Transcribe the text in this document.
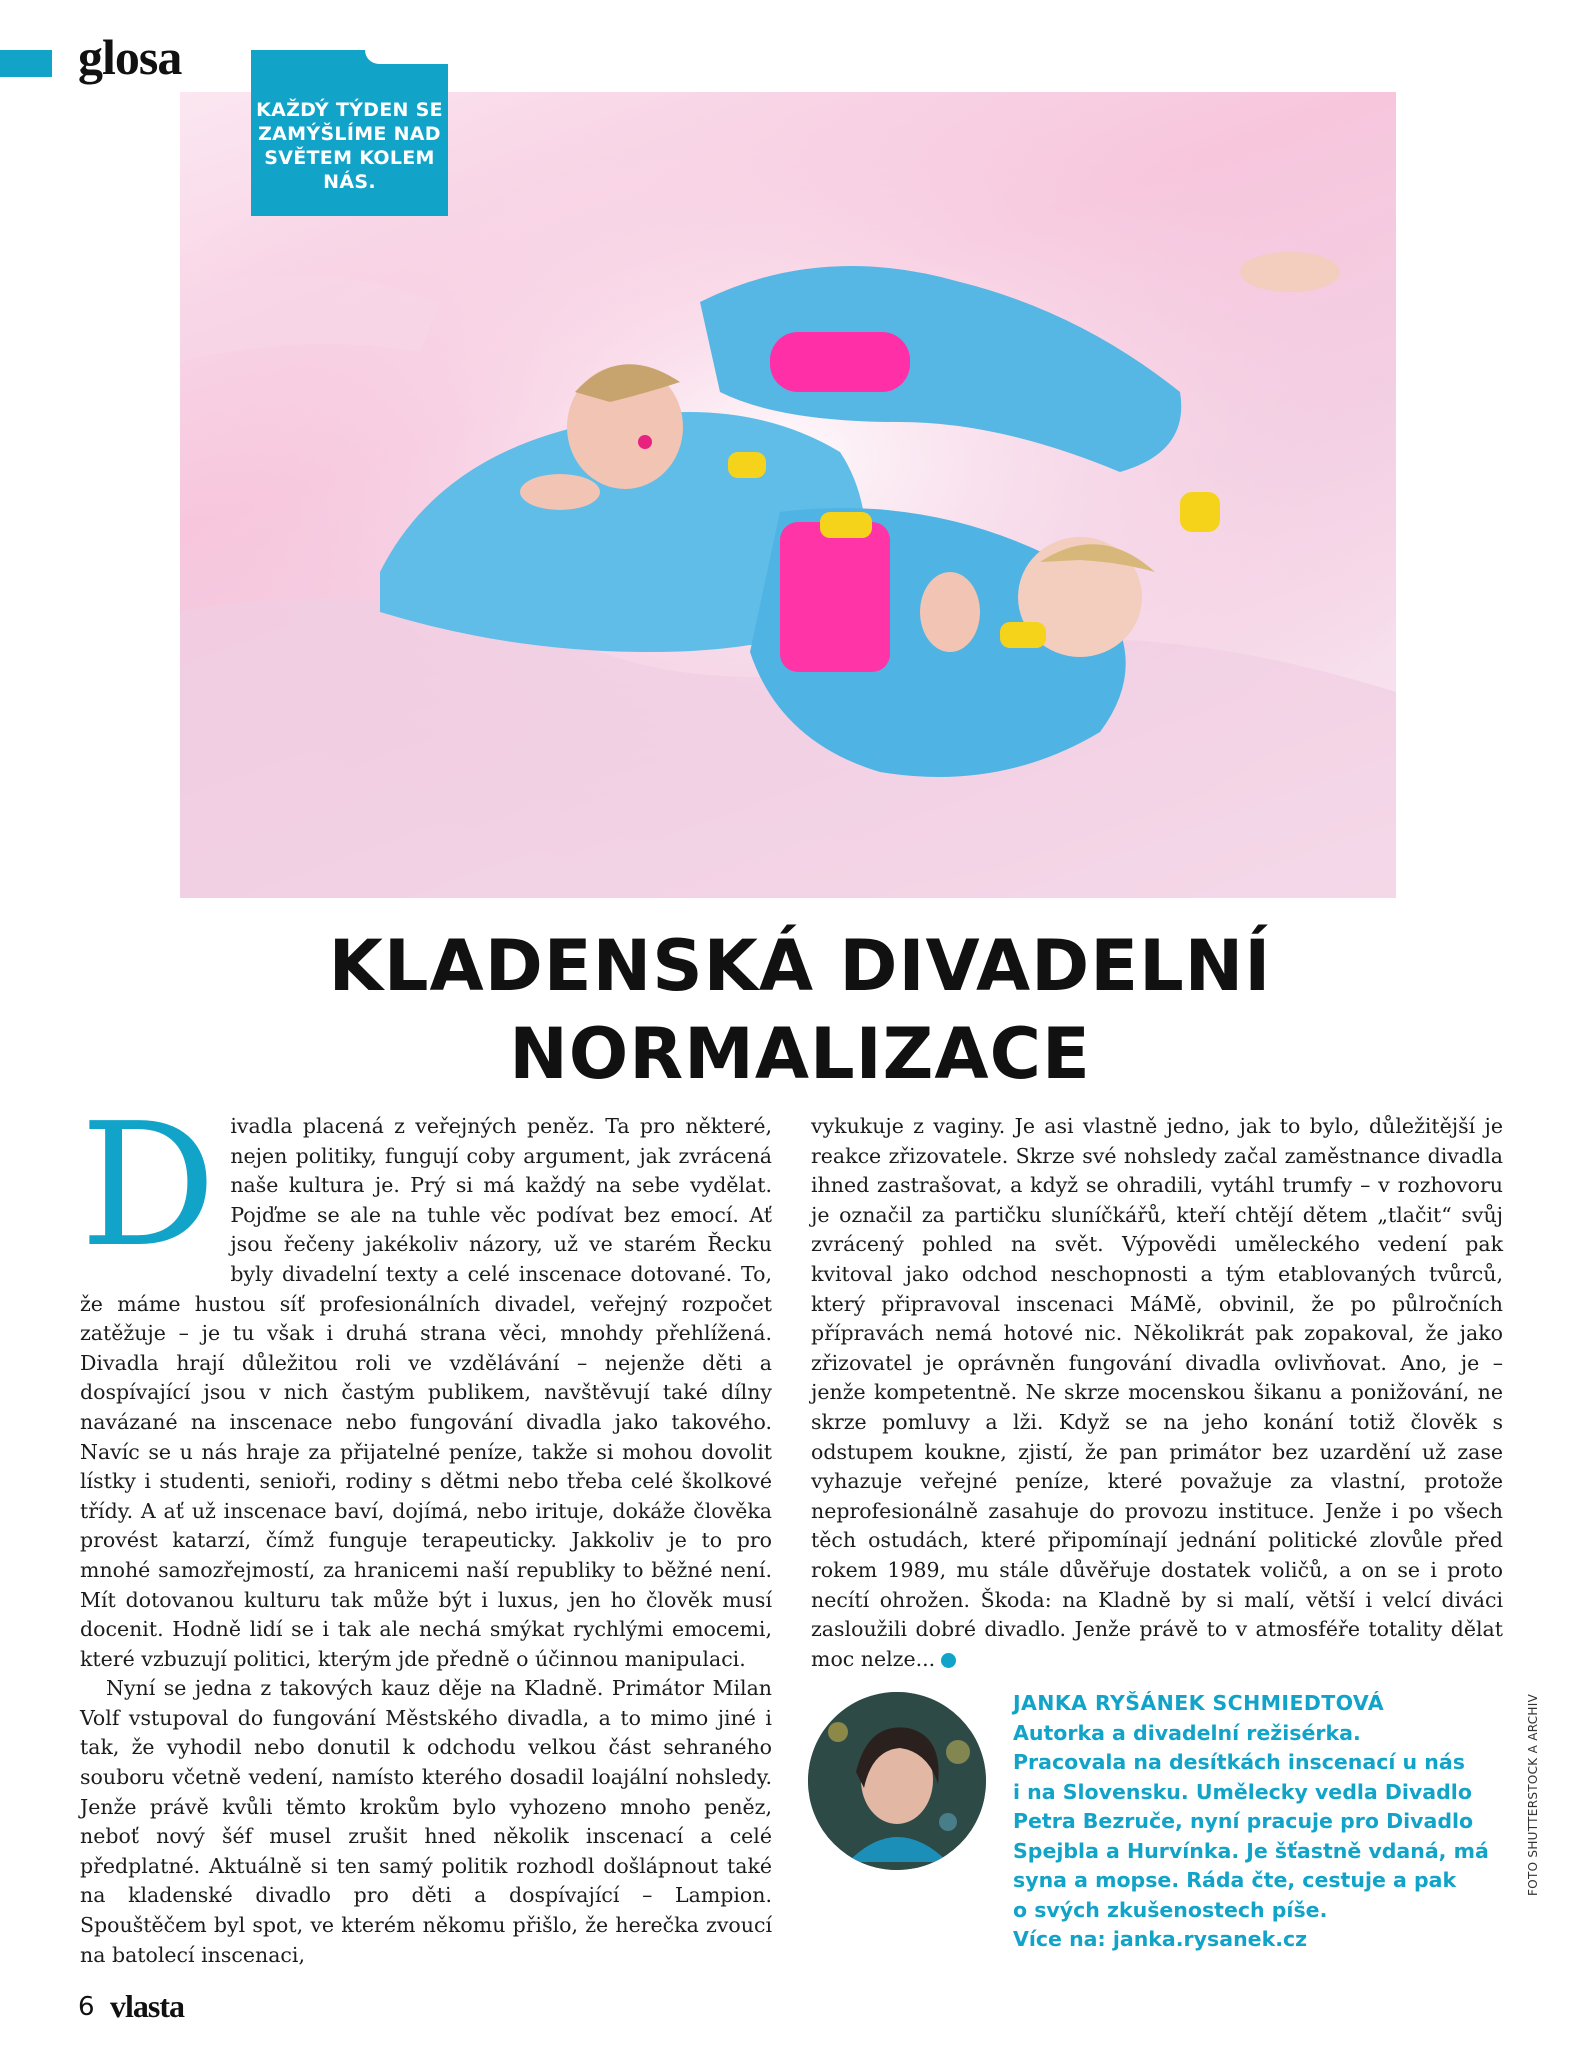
glosa
KAŽDÝ TÝDEN SE ZAMÝŠLÍME NAD SVĚTEM KOLEM NÁS.
KLADENSKÁ DIVADELNÍ
NORMALIZACE
D ivadla placená z veřejných peněz. Ta pro některé, nejen politiky, fungují coby argument, jak zvrácená naše kultura je. Prý si má každý na sebe vydělat. Pojďme se ale na tuhle věc podívat bez emocí. Ať jsou řečeny jakékoliv názory, už ve starém Řecku byly divadelní texty a celé inscenace dotované. To, že máme hustou síť profesionálních divadel, veřejný rozpočet zatěžuje – je tu však i druhá strana věci, mnohdy přehlížená. Divadla hrají důležitou roli ve vzdělávání – nejenže děti a dospívající jsou v nich častým publikem, navštěvují také dílny navázané na inscenace nebo fungování divadla jako takového. Navíc se u nás hraje za přijatelné peníze, takže si mohou dovolit lístky i studenti, senioři, rodiny s dětmi nebo třeba celé školkové třídy. A ať už inscenace baví, dojímá, nebo irituje, dokáže člověka provést katarzí, čímž funguje terapeuticky. Jakkoliv je to pro mnohé samozřejmostí, za hranicemi naší republiky to běžné není. Mít dotovanou kulturu tak může být i luxus, jen ho člověk musí docenit. Hodně lidí se i tak ale nechá smýkat rychlými emocemi, které vzbuzují politici, kterým jde předně o účinnou manipulaci.

Nyní se jedna z takových kauz děje na Kladně. Primátor Milan Volf vstupoval do fungování Městského divadla, a to mimo jiné i tak, že vyhodil nebo donutil k odchodu velkou část sehraného souboru včetně vedení, namísto kterého dosadil loajální nohsledy. Jenže právě kvůli těmto krokům bylo vyhozeno mnoho peněz, neboť nový šéf musel zrušit hned několik inscenací a celé předplatné. Aktuálně si ten samý politik rozhodl došlápnout také na kladenské divadlo pro děti a dospívající – Lampion. Spouštěčem byl spot, ve kterém někomu přišlo, že herečka zvoucí na batolecí inscenaci,

vykukuje z vaginy. Je asi vlastně jedno, jak to bylo, důležitější je reakce zřizovatele. Skrze své nohsledy začal zaměstnance divadla ihned zastrašovat, a když se ohradili, vytáhl trumfy – v rozhovoru je označil za partičku sluníčkářů, kteří chtějí dětem „tlačit“ svůj zvrácený pohled na svět. Výpovědi uměleckého vedení pak kvitoval jako odchod neschopnosti a tým etablovaných tvůrců, který připravoval inscenaci MáMě, obvinil, že po půlročních přípravách nemá hotové nic. Několikrát pak zopakoval, že jako zřizovatel je oprávněn fungování divadla ovlivňovat. Ano, je – jenže kompetentně. Ne skrze mocenskou šikanu a ponižování, ne skrze pomluvy a lži. Když se na jeho konání totiž člověk s odstupem koukne, zjistí, že pan primátor bez uzardění už zase vyhazuje veřejné peníze, které považuje za vlastní, protože neprofesionálně zasahuje do provozu instituce. Jenže i po všech těch ostudách, které připomínají jednání politické zlovůle před rokem 1989, mu stále důvěřuje dostatek voličů, a on se i proto necítí ohrožen. Škoda: na Kladně by si malí, větší i velcí diváci zasloužili dobré divadlo. Jenže právě to v atmosféře totality dělat moc nelze...

JANKA RYŠÁNEK SCHMIEDTOVÁ
Autorka a divadelní režisérka.
Pracovala na desítkách inscenací u nás
i na Slovensku. Umělecky vedla Divadlo
Petra Bezruče, nyní pracuje pro Divadlo
Spejbla a Hurvínka. Je šťastně vdaná, má
syna a mopse. Ráda čte, cestuje a pak
o svých zkušenostech píše.
Více na: janka.rysanek.cz
FOTO SHUTTERSTOCK A ARCHIV
6 vlasta
